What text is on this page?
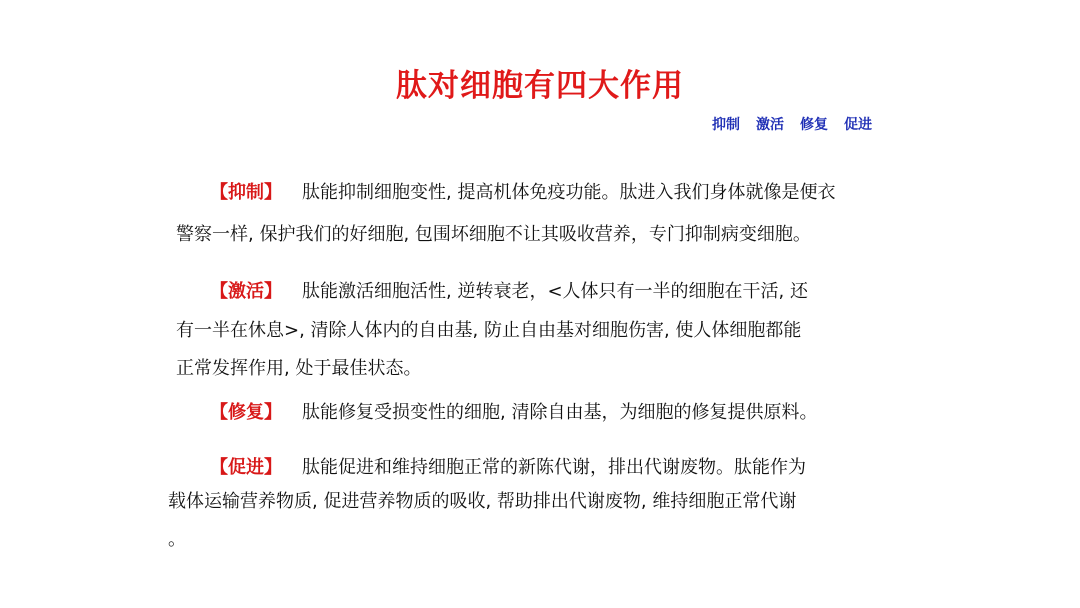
肽对细胞有四大作用
抑制 激活 修复 促进

【抑制】 肽能抑制细胞变性, 提高机体免疫功能。肽进入我们身体就像是便衣

警察一样, 保护我们的好细胞, 包围坏细胞不让其吸收营养，专门抑制病变细胞。

【激活】 肽能激活细胞活性, 逆转衰老，<人体只有一半的细胞在干活, 还

有一半在休息>, 清除人体内的自由基, 防止自由基对细胞伤害, 使人体细胞都能

正常发挥作用, 处于最佳状态。

【修复】 肽能修复受损变性的细胞, 清除自由基，为细胞的修复提供原料。

【促进】 肽能促进和维持细胞正常的新陈代谢，排出代谢废物。肽能作为

载体运输营养物质, 促进营养物质的吸收, 帮助排出代谢废物, 维持细胞正常代谢

。
